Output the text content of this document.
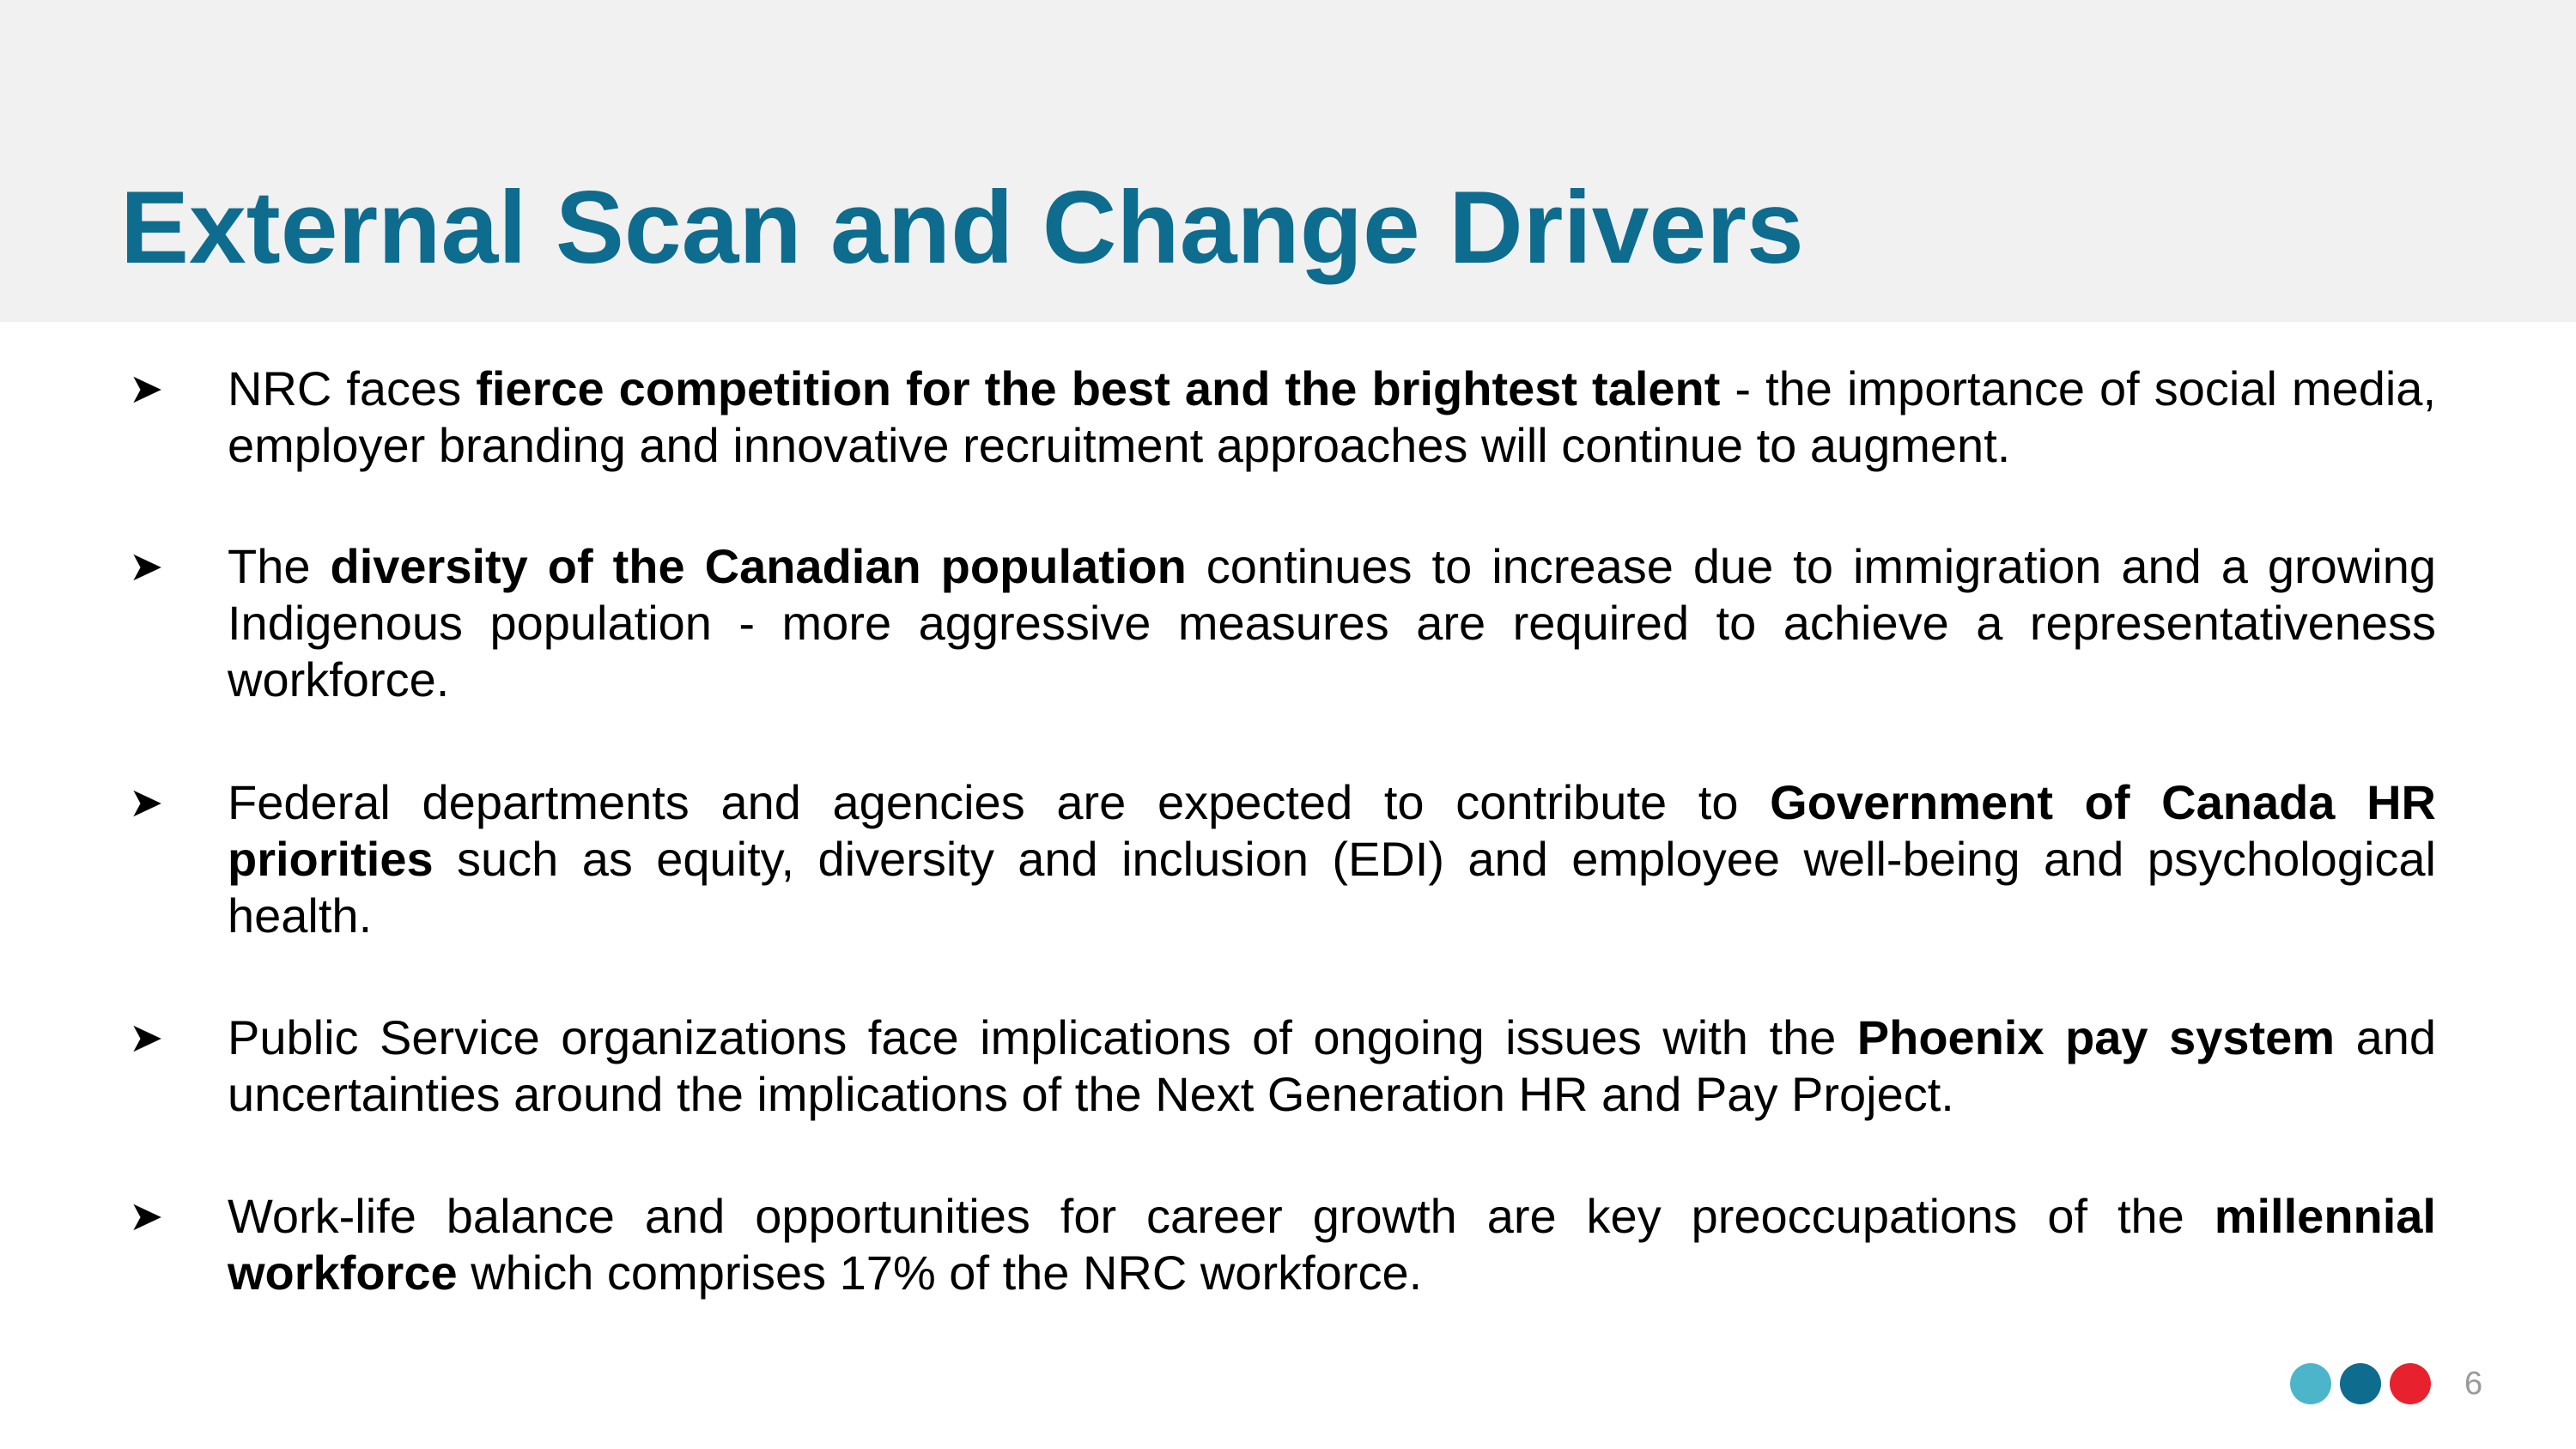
External Scan and Change Drivers
➤	NRC faces fierce competition for the best and the brightest talent - the importance of social media, employer branding and innovative recruitment approaches will continue to augment.
➤	The diversity of the Canadian population continues to increase due to immigration and a growing Indigenous population - more aggressive measures are required to achieve a representativeness workforce.
➤	Federal departments and agencies are expected to contribute to Government of Canada HR priorities such as equity, diversity and inclusion (EDI) and employee well-being and psychological health.
➤	Public Service organizations face implications of ongoing issues with the Phoenix pay system and uncertainties around the implications of the Next Generation HR and Pay Project.
➤	Work-life balance and opportunities for career growth are key preoccupations of the millennial workforce which comprises 17% of the NRC workforce.
6
